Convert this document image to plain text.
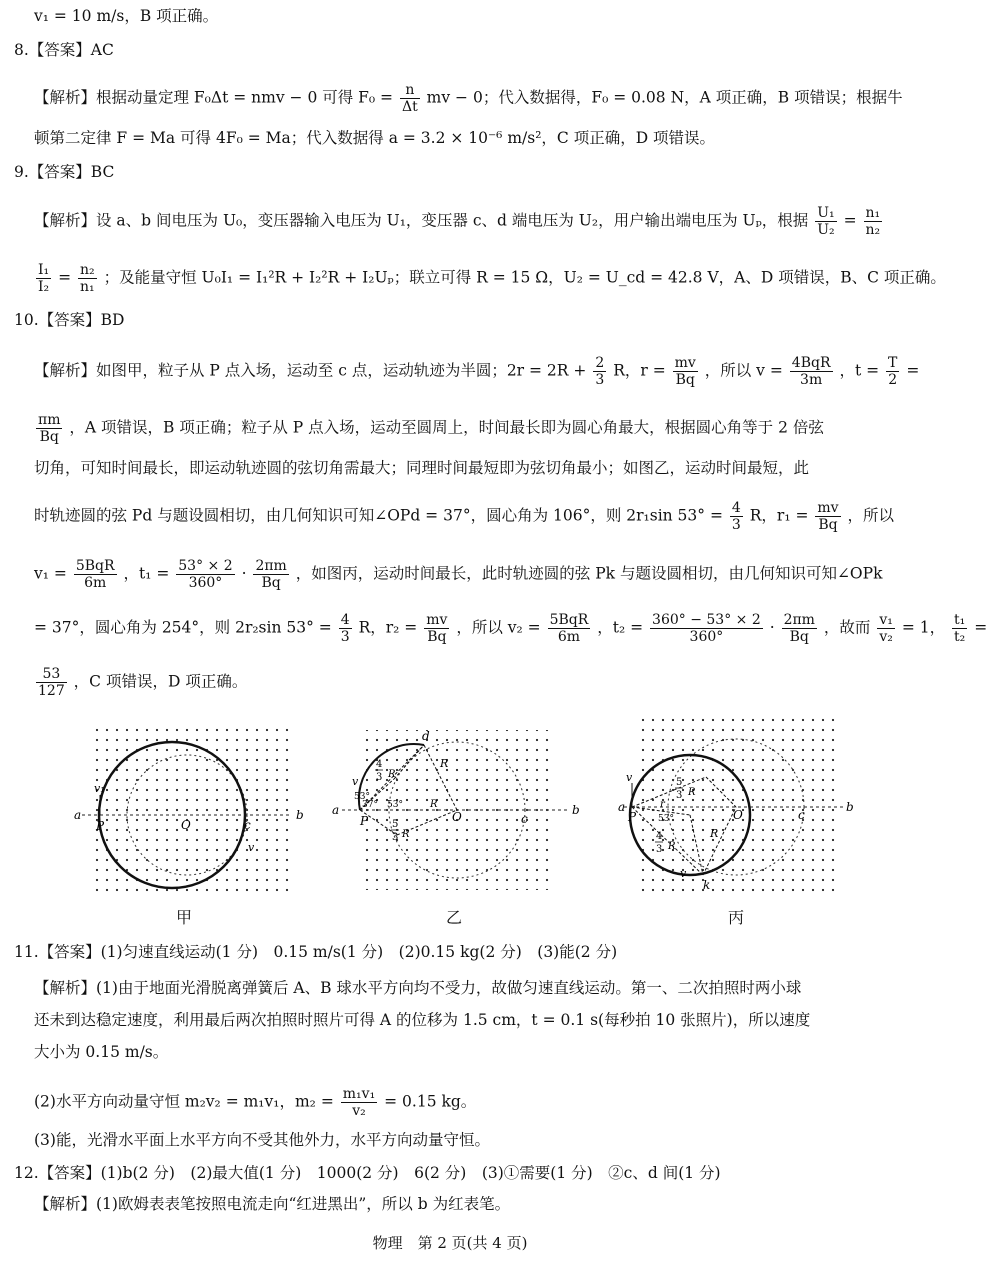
v₁ = 10 m/s，B 项正确。
8.【答案】AC
【解析】根据动量定理 F₀Δt = nmv − 0 可得 $F_0 = \frac{n}{\Delta t}$ mv − 0；代入数据得，F₀ = 0.08 N，A 项正确，B 项错误；根据牛
顿第二定律 F = Ma 可得 4F₀ = Ma；代入数据得 a = 3.2 × 10⁻⁶ m/s²，C 项正确，D 项错误。
9.【答案】BC
【解析】设 a、b 间电压为 U₀，变压器输入电压为 U₁，变压器 c、d 端电压为 U₂，用户输出端电压为 Uₚ，根据 $\frac{\text{U₁}}{\text{U₂}} = \frac{\text{n₁}}{\text{n₂}}$
$\frac{\text{I₁}}{\text{I₂}} = \frac{\text{n₂}}{\text{n₁}}$ ；及能量守恒 U₀I₁ = I₁²R + I₂²R + I₂Uₚ；联立可得 R = 15 Ω，U₂ = U_cd = 42.8 V，A、D 项错误，B、C 项正确。
10.【答案】BD
【解析】如图甲，粒子从 P 点入场，运动至 c 点，运动轨迹为半圆；$2r = 2R + \frac{2}{3}$ R，$r = \frac{mv}{Bq}$ ，所以 $v = \frac{\text{4BqR}}{3m}$ ，$t = \frac{T}{2}$ =
$\frac{\pi m}{Bq}$ ，A 项错误，B 项正确；粒子从 P 点入场，运动至圆周上，时间最长即为圆心角最大，根据圆心角等于 2 倍弦
切角，可知时间最长，即运动轨迹圆的弦切角需最大；同理时间最短即为弦切角最小；如图乙，运动时间最短，此
时轨迹圆的弦 Pd 与题设圆相切，由几何知识可知∠OPd = 37°，圆心角为 106°，则 2r₁sin $53^\circ = \frac{4}{3}$ R，$r_1 = \frac{mv}{Bq}$ ，所以
$v_1 = \frac{\text{5BqR}}{6m}$ ，$t_1 = \frac{53^\circ \times 2}{360^\circ} \cdot \frac{2\pi m}{Bq}$ ，如图丙，运动时间最长，此时轨迹圆的弦 Pk 与题设圆相切，由几何知识可知∠OPk
= 37°，圆心角为 254°，则 2r₂sin $53^\circ = \frac{4}{3}$ R，$r_2 = \frac{mv}{Bq}$ ，所以 $v_2 = \frac{\text{5BqR}}{6m}$ ，$t_2 = \frac{360^\circ - 53^\circ \times 2}{360^\circ} \cdot \frac{2\pi m}{Bq}$ ，故而 $\frac{\text{v₁}}{\text{v₂}} = 1$， $\frac{\text{t₁}}{\text{t₂}}$ =
$\frac{53}{127}$ ，C 项错误，D 项正确。
a	b
P	O	c
v₁
v
甲
a	b
P	O	c
d
v
R
R
4
3 R
53°
37° 53°
5
3 R
乙
a	b
P	O	c
k
v
v
r
5
3 R
R
53°
4
3 R
丙
11.【答案】(1)匀速直线运动(1 分)　0.15 m/s(1 分)　(2)0.15 kg(2 分)　(3)能(2 分)
【解析】(1)由于地面光滑脱离弹簧后 A、B 球水平方向均不受力，故做匀速直线运动。第一、二次拍照时两小球
还未到达稳定速度，利用最后两次拍照时照片可得 A 的位移为 1.5 cm，t = 0.1 s(每秒拍 10 张照片)，所以速度
大小为 0.15 m/s。
(2)水平方向动量守恒 m₂v₂ = m₁v₁，$m_2 = \frac{\text{m₁v₁}}{\text{v₂}} = 0.15$ kg。
(3)能，光滑水平面上水平方向不受其他外力，水平方向动量守恒。
12.【答案】(1)b(2 分)　(2)最大值(1 分)　1000(2 分)　6(2 分)　(3)①需要(1 分)　②c、d 间(1 分)
【解析】(1)欧姆表表笔按照电流走向“红进黑出”，所以 b 为红表笔。
物理　第 2 页(共 4 页)
